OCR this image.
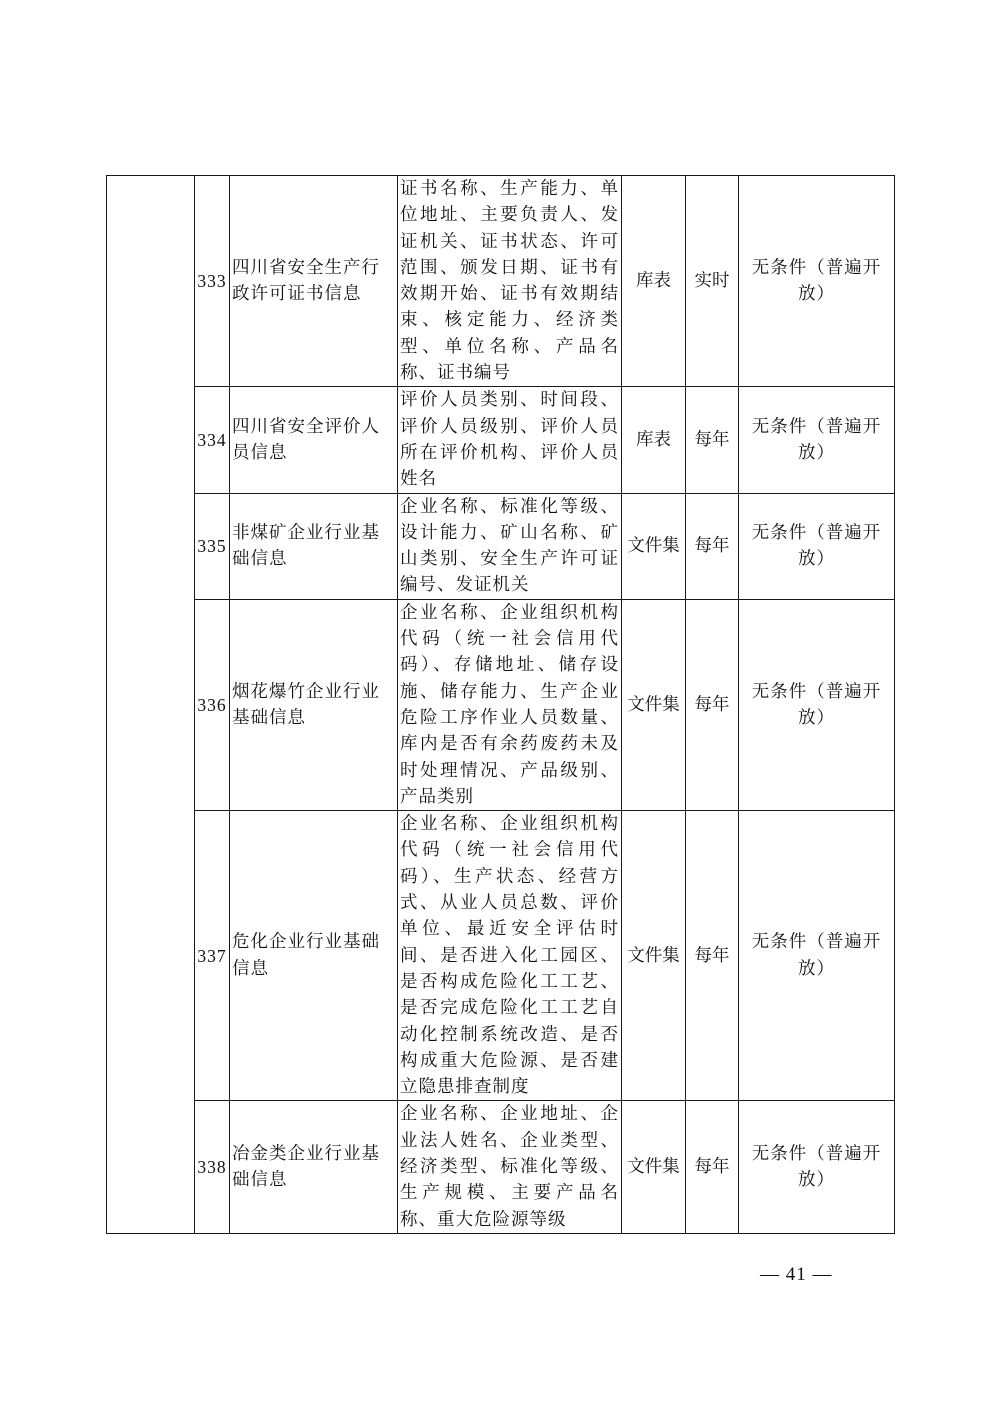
	333	四川省安全生产行政许可证书信息	证书名称、生产能力、单位地址、主要负责人、发证机关、证书状态、许可范围、颁发日期、证书有效期开始、证书有效期结束、核定能力、经济类型、单位名称、产品名称、证书编号	库表	实时	无条件（普遍开放）
	334	四川省安全评价人员信息	评价人员类别、时间段、评价人员级别、评价人员所在评价机构、评价人员姓名	库表	每年	无条件（普遍开放）
	335	非煤矿企业行业基础信息	企业名称、标准化等级、设计能力、矿山名称、矿山类别、安全生产许可证编号、发证机关	文件集	每年	无条件（普遍开放）
	336	烟花爆竹企业行业基础信息	企业名称、企业组织机构代码（统一社会信用代码）、存储地址、储存设施、储存能力、生产企业危险工序作业人员数量、库内是否有余药废药未及时处理情况、产品级别、产品类别	文件集	每年	无条件（普遍开放）
	337	危化企业行业基础信息	企业名称、企业组织机构代码（统一社会信用代码）、生产状态、经营方式、从业人员总数、评价单位、最近安全评估时间、是否进入化工园区、是否构成危险化工工艺、是否完成危险化工工艺自动化控制系统改造、是否构成重大危险源、是否建立隐患排查制度	文件集	每年	无条件（普遍开放）
	338	冶金类企业行业基础信息	企业名称、企业地址、企业法人姓名、企业类型、经济类型、标准化等级、生产规模、主要产品名称、重大危险源等级	文件集	每年	无条件（普遍开放）
— 41 —
